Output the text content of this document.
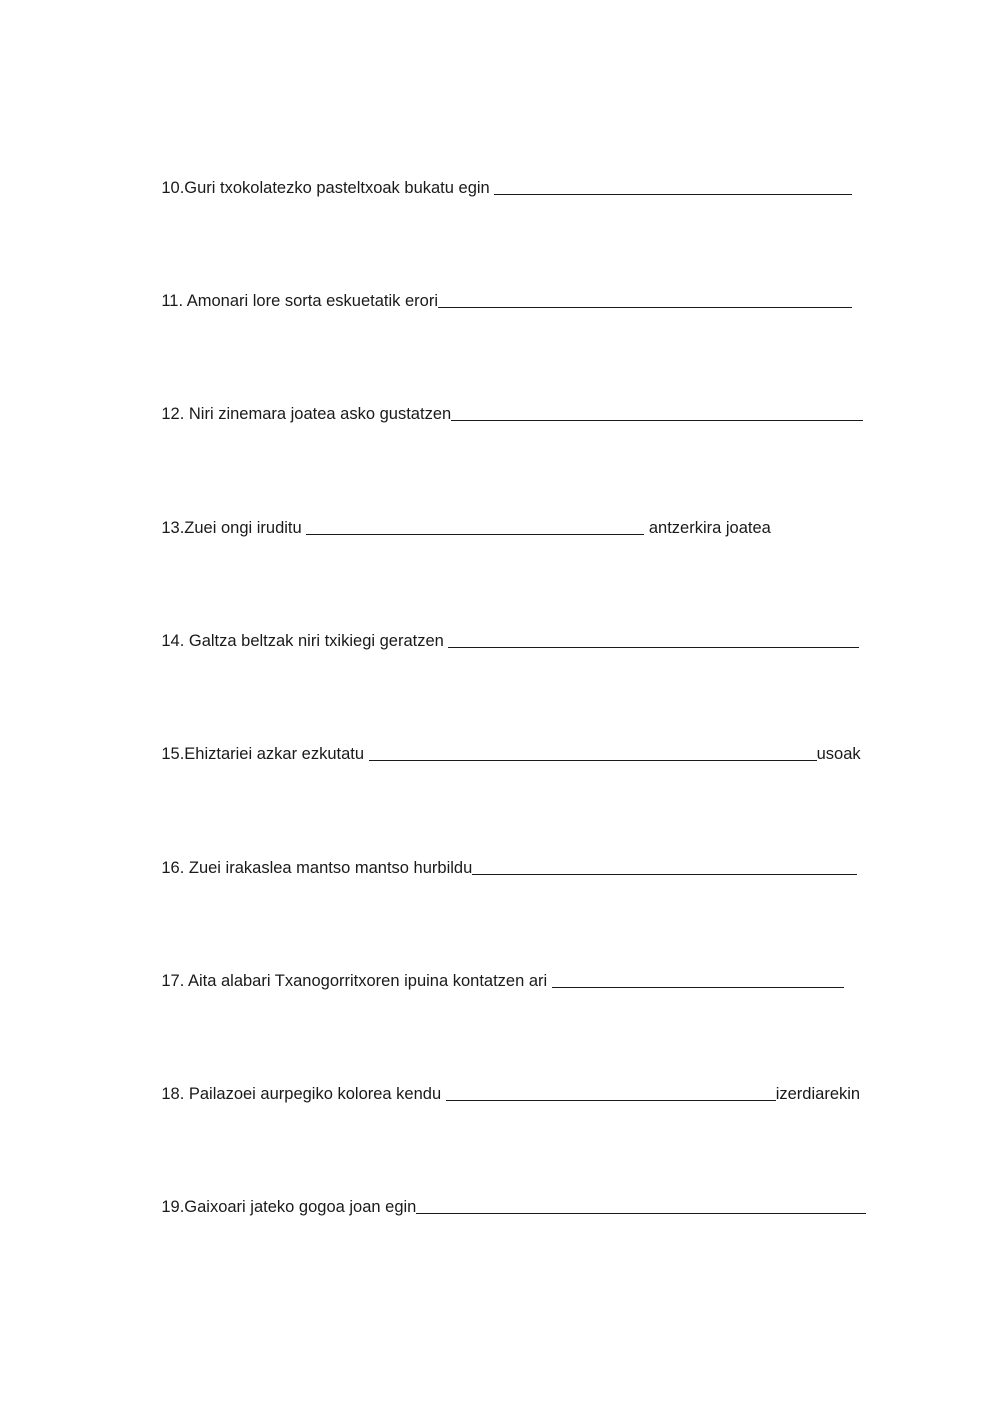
10.Guri txokolatezko pasteltxoak bukatu egin

11. Amonari lore sorta eskuetatik erori

12. Niri zinemara joatea asko gustatzen

13.Zuei ongi iruditu	antzerkira joatea

14. Galtza beltzak niri txikiegi geratzen

15.Ehiztariei azkar ezkutatu	usoak

16. Zuei irakaslea mantso mantso hurbildu

17. Aita alabari Txanogorritxoren ipuina kontatzen ari

18. Pailazoei aurpegiko kolorea kendu	izerdiarekin

19.Gaixoari jateko gogoa joan egin
